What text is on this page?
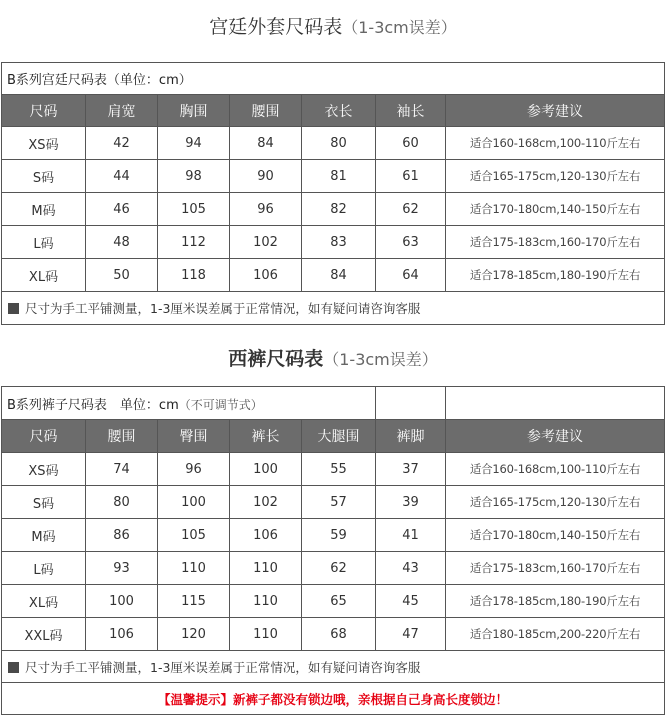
宫廷外套尺码表（1-3cm误差）
B系列宫廷尺码表（单位：cm）						
尺码	肩宽	胸围	腰围	衣长	袖长	参考建议
XS码	42	94	84	80	60	适合160-168cm,100-110斤左右
S码	44	98	90	81	61	适合165-175cm,120-130斤左右
M码	46	105	96	82	62	适合170-180cm,140-150斤左右
L码	48	112	102	83	63	适合175-183cm,160-170斤左右
XL码	50	118	106	84	64	适合178-185cm,180-190斤左右
尺寸为手工平铺测量，1-3厘米误差属于正常情况，如有疑问请咨询客服						
西裤尺码表（1-3cm误差）
B系列裤子尺码表　单位：cm（不可调节式）						
尺码	腰围	臀围	裤长	大腿围	裤脚	参考建议
XS码	74	96	100	55	37	适合160-168cm,100-110斤左右
S码	80	100	102	57	39	适合165-175cm,120-130斤左右
M码	86	105	106	59	41	适合170-180cm,140-150斤左右
L码	93	110	110	62	43	适合175-183cm,160-170斤左右
XL码	100	115	110	65	45	适合178-185cm,180-190斤左右
XXL码	106	120	110	68	47	适合180-185cm,200-220斤左右
尺寸为手工平铺测量，1-3厘米误差属于正常情况，如有疑问请咨询客服						
【温馨提示】新裤子都没有锁边哦，亲根据自己身高长度锁边！						
